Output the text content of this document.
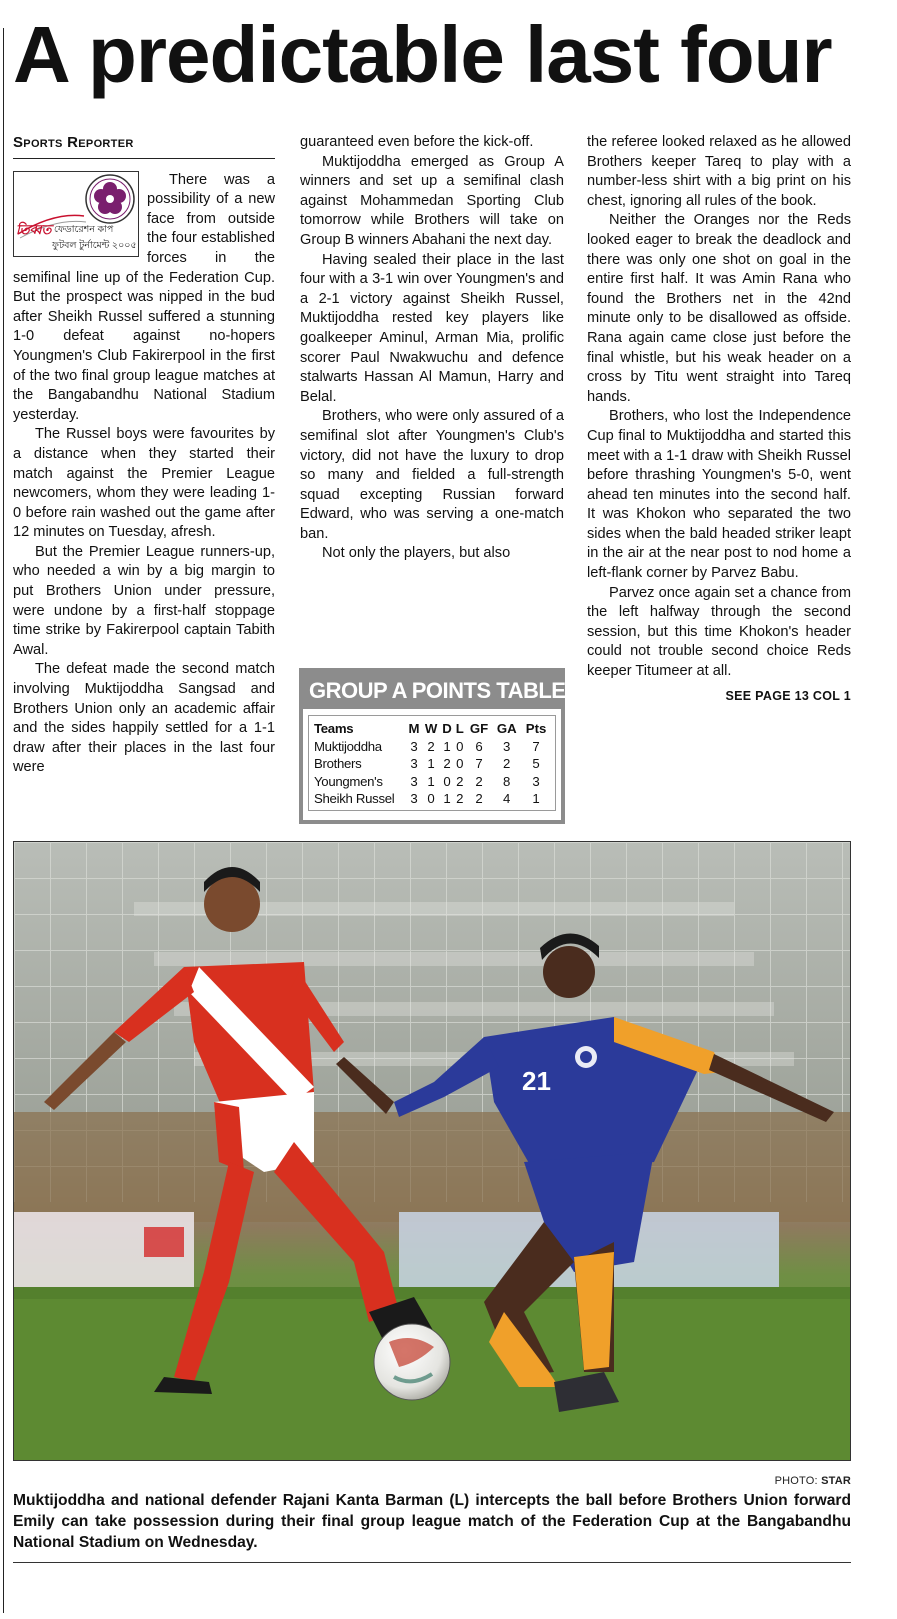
A predictable last four
Sports Reporter
তিব্বত ফেডারেশন কাপ
ফুটবল টুর্নামেন্ট ২০০৫

There was a possibility of a new face from outside the four established forces in the semifinal line up of the Federation Cup. But the prospect was nipped in the bud after Sheikh Russel suffered a stunning 1-0 defeat against no-hopers Youngmen's Club Fakirerpool in the first of the two final group league matches at the Bangabandhu National Stadium yesterday.

The Russel boys were favourites by a distance when they started their match against the Premier League newcomers, whom they were leading 1-0 before rain washed out the game after 12 minutes on Tuesday, afresh.

But the Premier League runners-up, who needed a win by a big margin to put Brothers Union under pressure, were undone by a first-half stoppage time strike by Fakirerpool captain Tabith Awal.

The defeat made the second match involving Muktijoddha Sangsad and Brothers Union only an academic affair and the sides happily settled for a 1-1 draw after their places in the last four were

guaranteed even before the kick-off.

Muktijoddha emerged as Group A winners and set up a semifinal clash against Mohammedan Sporting Club tomorrow while Brothers will take on Group B winners Abahani the next day.

Having sealed their place in the last four with a 3-1 win over Youngmen's and a 2-1 victory against Sheikh Russel, Muktijoddha rested key players like goalkeeper Aminul, Arman Mia, prolific scorer Paul Nwakwuchu and defence stalwarts Hassan Al Mamun, Harry and Belal.

Brothers, who were only assured of a semifinal slot after Youngmen's Club's victory, did not have the luxury to drop so many and fielded a full-strength squad excepting Russian forward Edward, who was serving a one-match ban.

Not only the players, but also

the referee looked relaxed as he allowed Brothers keeper Tareq to play with a number-less shirt with a big print on his chest, ignoring all rules of the book.

Neither the Oranges nor the Reds looked eager to break the deadlock and there was only one shot on goal in the entire first half. It was Amin Rana who found the Brothers net in the 42nd minute only to be disallowed as offside. Rana again came close just before the final whistle, but his weak header on a cross by Titu went straight into Tareq hands.

Brothers, who lost the Independence Cup final to Muktijoddha and started this meet with a 1-1 draw with Sheikh Russel before thrashing Youngmen's 5-0, went ahead ten minutes into the second half. It was Khokon who separated the two sides when the bald headed striker leapt in the air at the near post to nod home a left-flank corner by Parvez Babu.

Parvez once again set a chance from the left halfway through the second session, but this time Khokon's header could not trouble second choice Reds keeper Titumeer at all.

SEE PAGE 13 COL 1

GROUP A POINTS TABLE
Teams	M	W	D	L	GF	GA	Pts
Muktijoddha	3	2	1	0	6	3	7
Brothers	3	1	2	0	7	2	5
Youngmen's	3	1	0	2	2	8	3
Sheikh Russel	3	0	1	2	2	4	1
21
PHOTO: STAR

Muktijoddha and national defender Rajani Kanta Barman (L) intercepts the ball before Brothers Union forward Emily can take possession during their final group league match of the Federation Cup at the Bangabandhu National Stadium on Wednesday.
